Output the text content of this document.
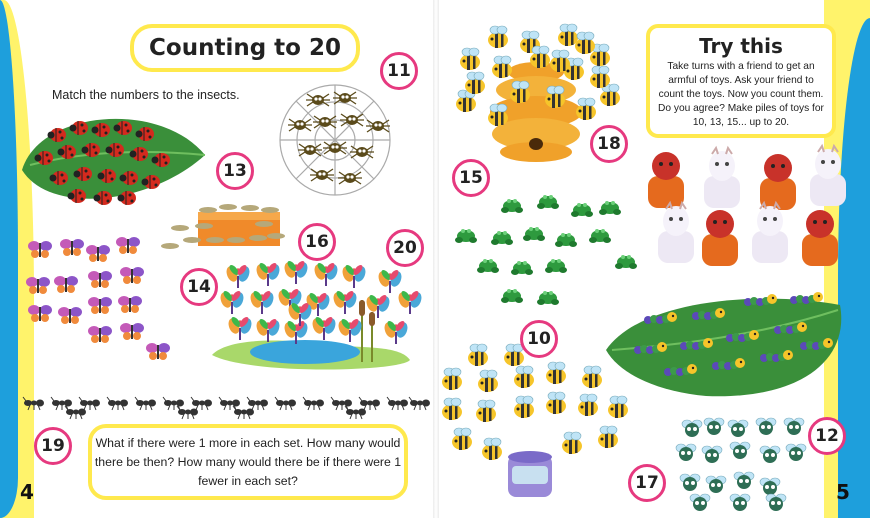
Counting to 20
Match the numbers to the insects.
11
13
14
16	20
19	What if there were 1 more in each set. How many would there be then? How many would there be if there were 1 fewer in each set?
4
Try this
Take turns with a friend to get an armful of toys. Ask your friend to count the toys. Now you count them. Do you agree? Make piles of toys for 10, 13, 15... up to 20.
18
15
10
12
17	5
